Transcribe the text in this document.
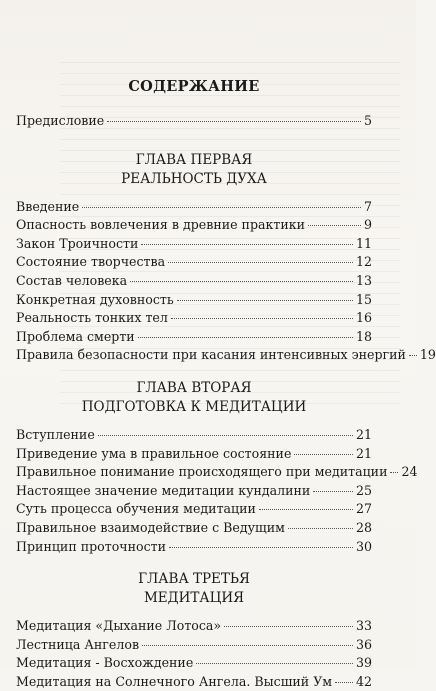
СОДЕРЖАНИЕ
Предисловие	5
ГЛАВА ПЕРВАЯ
РЕАЛЬНОСТЬ ДУХА
Введение	7
Опасность вовлечения в древние практики	9
Закон Троичности	11
Состояние творчества	12
Состав человека	13
Конкретная духовность	15
Реальность тонких тел	16
Проблема смерти	18
Правила безопасности при касания интенсивных энергий 19
ГЛАВА ВТОРАЯ
ПОДГОТОВКА К МЕДИТАЦИИ
Вступление	21
Приведение ума в правильное состояние	21
Правильное понимание происходящего при медитации 24
Настоящее значение медитации кундалини	25
Суть процесса обучения медитации	27
Правильное взаимодействие с Ведущим	28
Принцип проточности	30
ГЛАВА ТРЕТЬЯ
МЕДИТАЦИЯ
Медитация «Дыхание Лотоса»	33
Лестница Ангелов	36
Медитация - Восхождение	39
Медитация на Солнечного Ангела. Высший Ум 42
